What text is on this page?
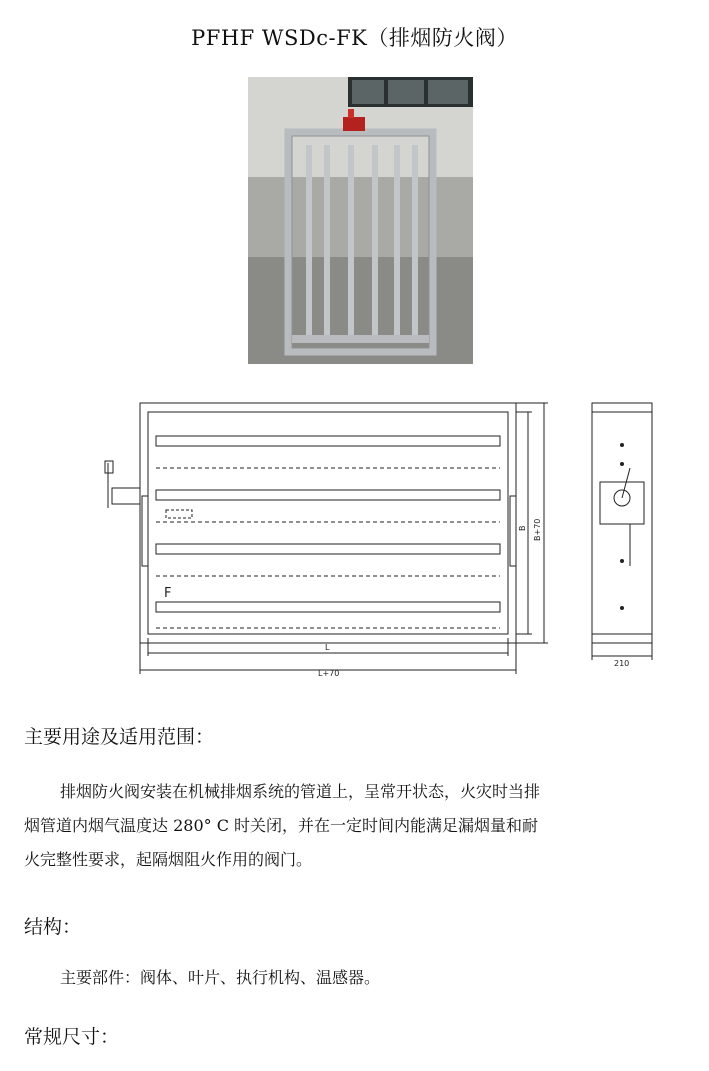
PFHF WSDc-FK（排烟防火阀）
L
L+70
B B+70
F
210
主要用途及适用范围：
排烟防火阀安装在机械排烟系统的管道上，呈常开状态，火灾时当排
烟管道内烟气温度达 280° C 时关闭，并在一定时间内能满足漏烟量和耐
火完整性要求，起隔烟阻火作用的阀门。
结构：
主要部件：阀体、叶片、执行机构、温感器。
常规尺寸：
